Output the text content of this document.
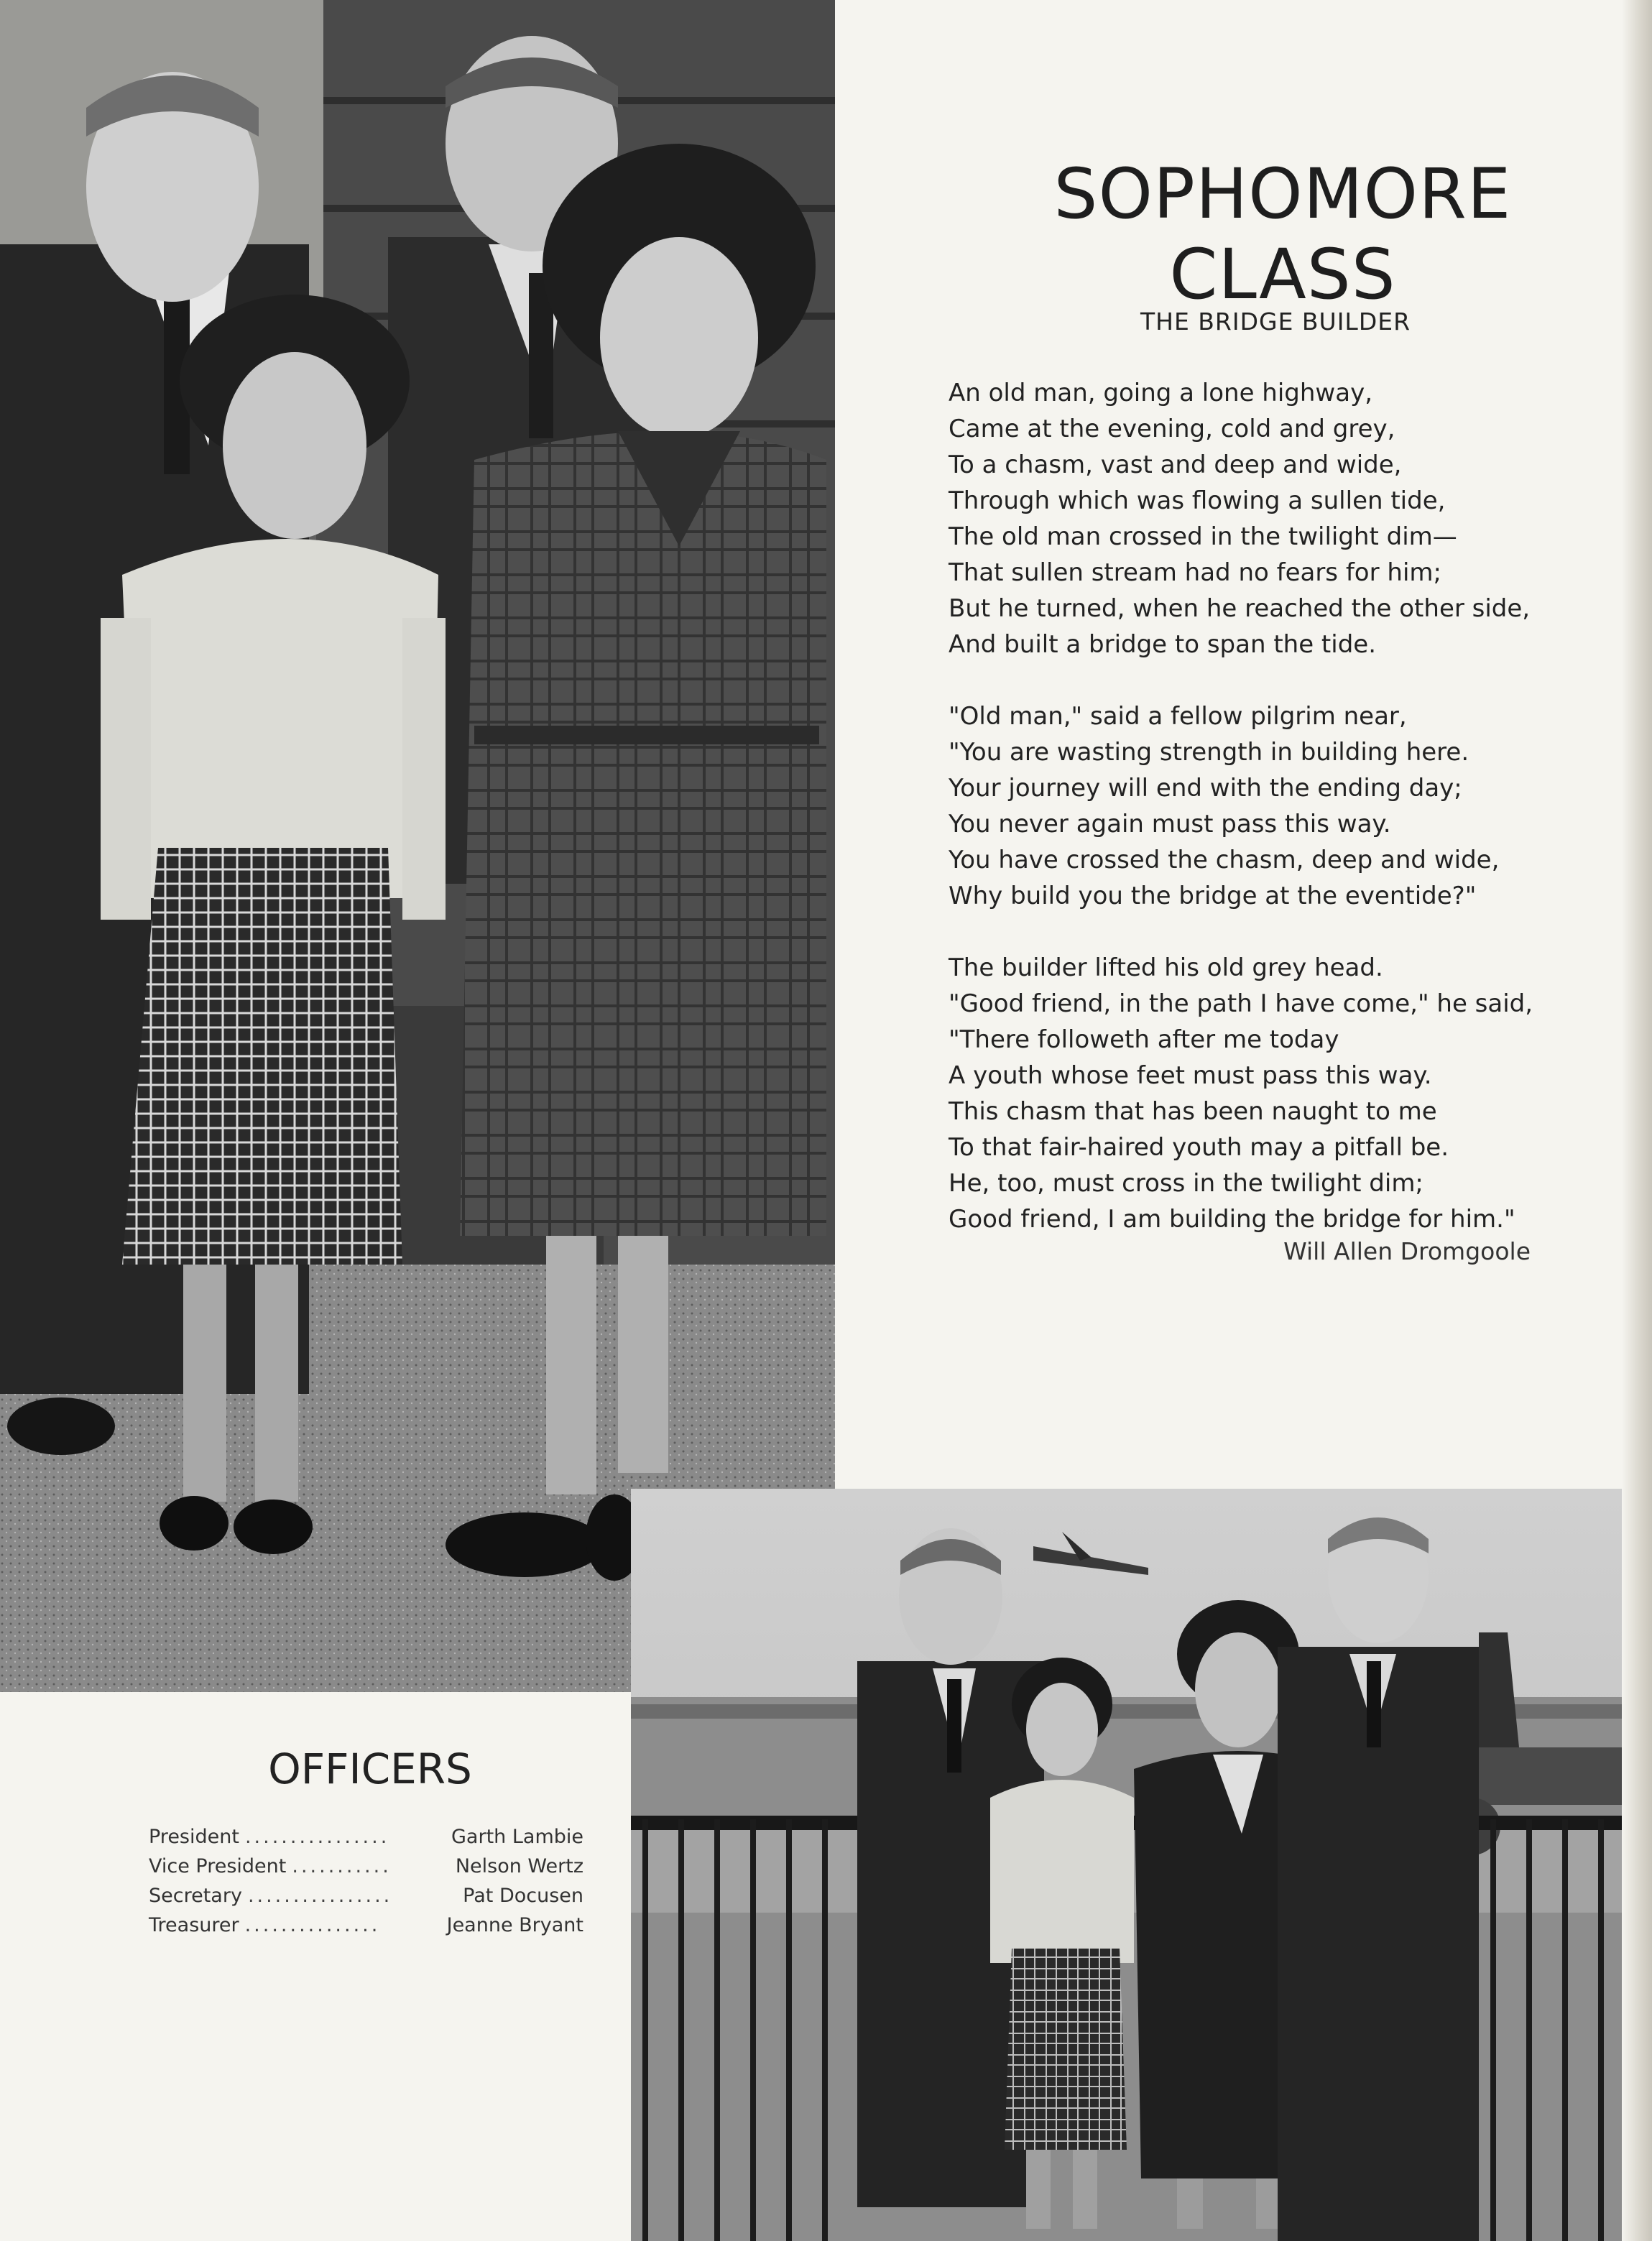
SOPHOMORE
CLASS
THE BRIDGE BUILDER
An old man, going a lone highway,
Came at the evening, cold and grey,
To a chasm, vast and deep and wide,
Through which was flowing a sullen tide,
The old man crossed in the twilight dim—
That sullen stream had no fears for him;
But he turned, when he reached the other side,
And built a bridge to span the tide.
"Old man," said a fellow pilgrim near,
"You are wasting strength in building here.
Your journey will end with the ending day;
You never again must pass this way.
You have crossed the chasm, deep and wide,
Why build you the bridge at the eventide?"
The builder lifted his old grey head.
"Good friend, in the path I have come," he said,
"There followeth after me today
A youth whose feet must pass this way.
This chasm that has been naught to me
To that fair-haired youth may a pitfall be.
He, too, must cross in the twilight dim;
Good friend, I am building the bridge for him."
Will Allen Dromgoole
OFFICERS
President ................	Garth Lambie
Vice President ...........	Nelson Wertz
Secretary ................	Pat Docusen
Treasurer ...............	Jeanne Bryant
